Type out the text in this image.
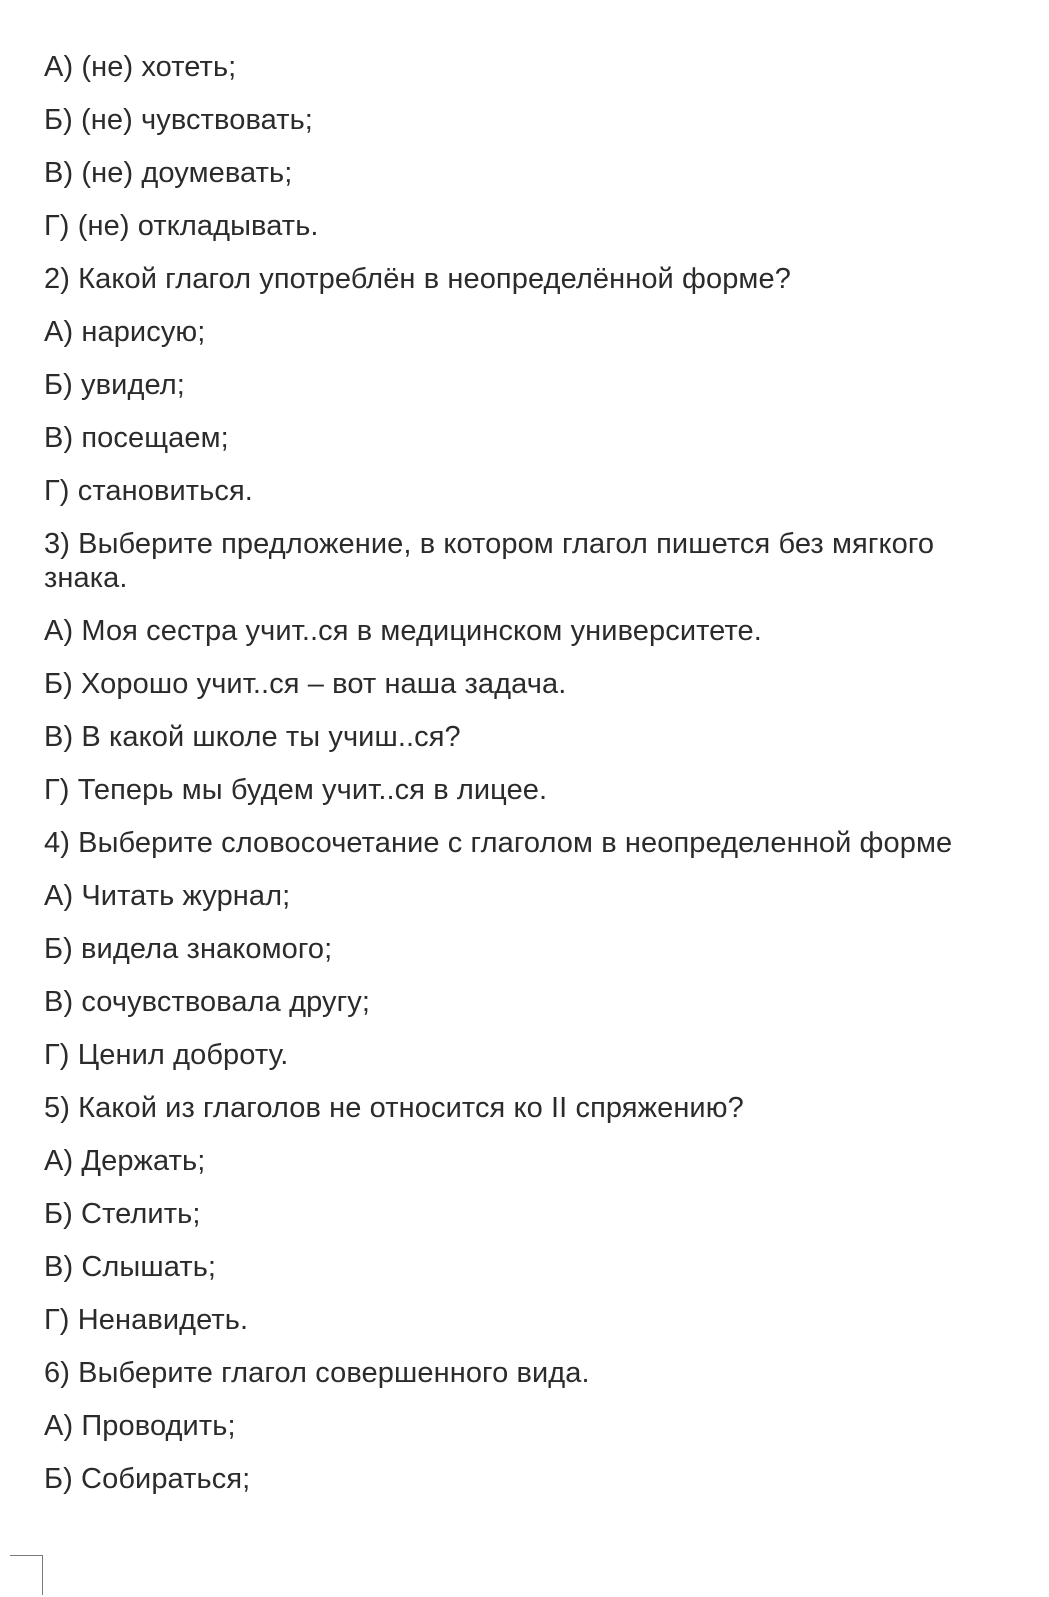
А) (не) хотеть;
Б) (не) чувствовать;
В) (не) доумевать;
Г) (не) откладывать.
2) Какой глагол употреблён в неопределённой форме?
А) нарисую;
Б) увидел;
В) посещаем;
Г) становиться.
3) Выберите предложение, в котором глагол пишется без мягкого
знака.
А) Моя сестра учит..ся в медицинском университете.
Б) Хорошо учит..ся – вот наша задача.
В) В какой школе ты учиш..ся?
Г) Теперь мы будем учит..ся в лицее.
4) Выберите словосочетание с глаголом в неопределенной форме
А) Читать журнал;
Б) видела знакомого;
В) сочувствовала другу;
Г) Ценил доброту.
5) Какой из глаголов не относится ко II спряжению?
А) Держать;
Б) Стелить;
В) Слышать;
Г) Ненавидеть.
6) Выберите глагол совершенного вида.
А) Проводить;
Б) Собираться;
